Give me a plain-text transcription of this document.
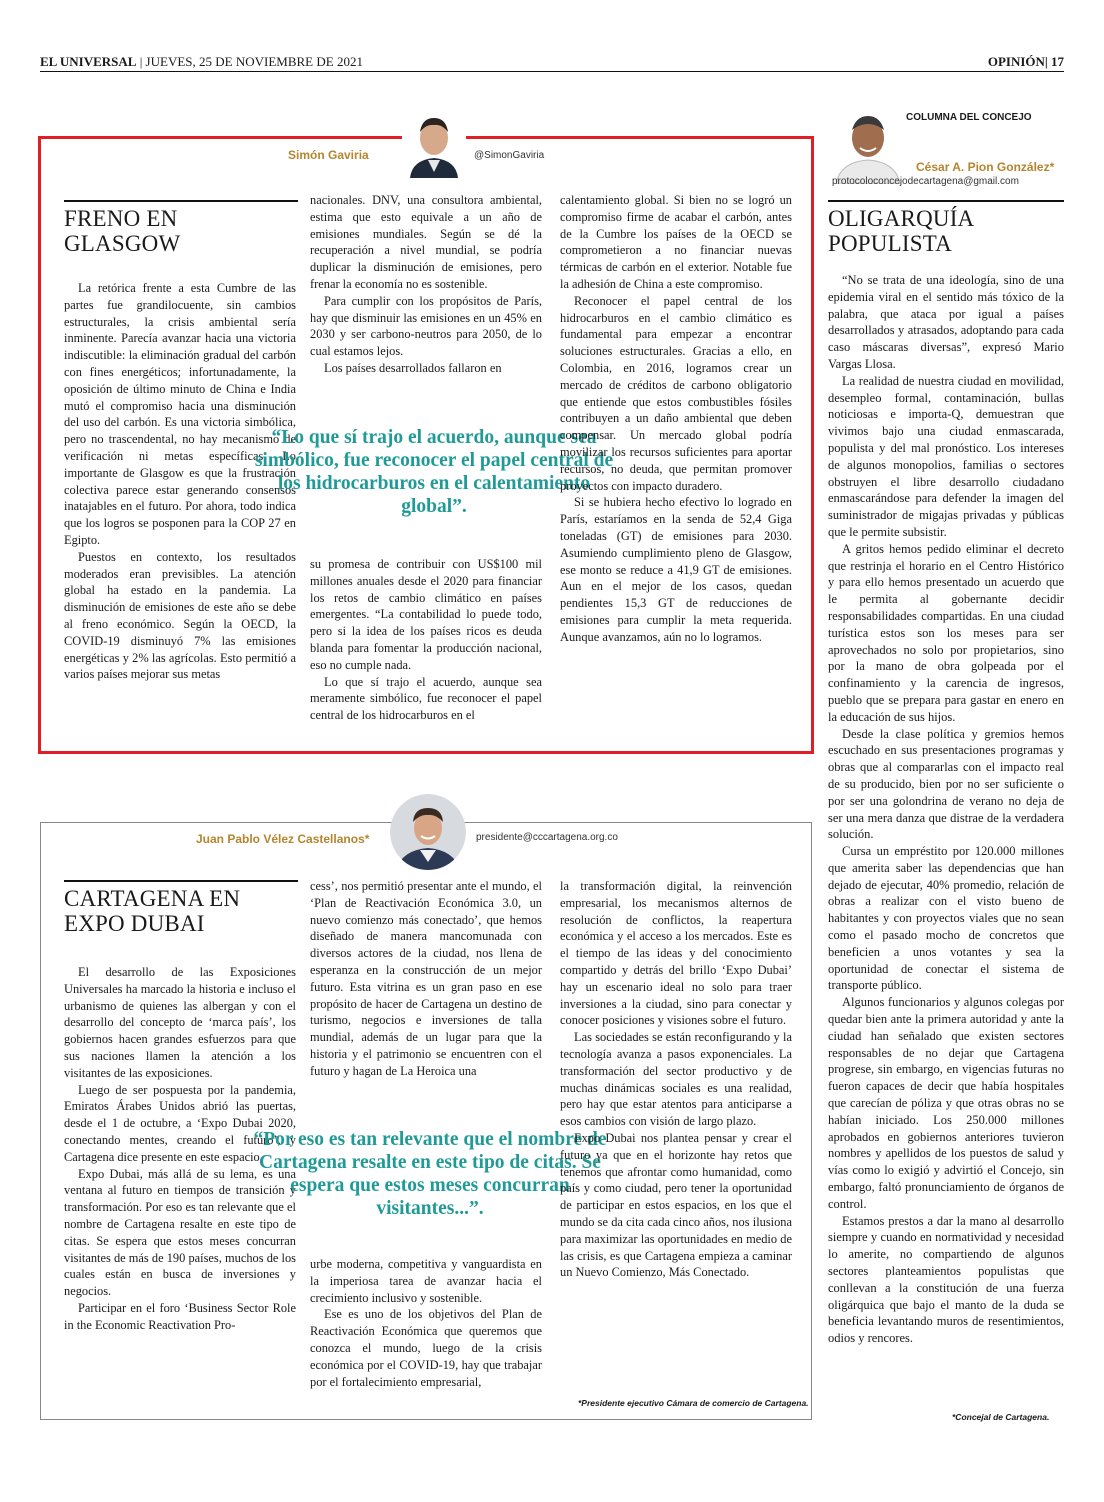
EL UNIVERSAL | JUEVES, 25 DE NOVIEMBRE DE 2021	OPINIÓN| 17
Simón Gaviria	@SimonGaviria
FRENO EN GLASGOW

La retórica frente a esta Cumbre de las partes fue grandilocuente, sin cambios estructurales, la crisis ambiental sería inminente. Parecía avanzar hacia una victoria indiscutible: la eliminación gradual del carbón con fines energéticos; infortunadamente, la oposición de último minuto de China e India mutó el compromiso hacia una disminución del uso del carbón. Es una victoria simbólica, pero no trascendental, no hay mecanismo de verificación ni metas específicas. Lo importante de Glasgow es que la frustración colectiva parece estar generando consensos inatajables en el futuro. Por ahora, todo indica que los logros se posponen para la COP 27 en Egipto.

Puestos en contexto, los resultados moderados eran previsibles. La atención global ha estado en la pandemia. La disminución de emisiones de este año se debe al freno económico. Según la OECD, la COVID-19 disminuyó 7% las emisiones energéticas y 2% las agrícolas. Esto permitió a varios países mejorar sus metas

nacionales. DNV, una consultora ambiental, estima que esto equivale a un año de emisiones mundiales. Según se dé la recuperación a nivel mundial, se podría duplicar la disminución de emisiones, pero frenar la economía no es sostenible.

Para cumplir con los propósitos de París, hay que disminuir las emisiones en un 45% en 2030 y ser carbono-neutros para 2050, de lo cual estamos lejos.

Los países desarrollados fallaron en

“Lo que sí trajo el acuerdo, aunque sea simbólico, fue reconocer el papel central de los hidrocarburos en el calentamiento global”.

su promesa de contribuir con US$100 mil millones anuales desde el 2020 para financiar los retos de cambio climático en países emergentes. “La contabilidad lo puede todo, pero si la idea de los países ricos es deuda blanda para fomentar la producción nacional, eso no cumple nada.

Lo que sí trajo el acuerdo, aunque sea meramente simbólico, fue reconocer el papel central de los hidrocarburos en el

calentamiento global. Si bien no se logró un compromiso firme de acabar el carbón, antes de la Cumbre los países de la OECD se comprometieron a no financiar nuevas térmicas de carbón en el exterior. Notable fue la adhesión de China a este compromiso.

Reconocer el papel central de los hidrocarburos en el cambio climático es fundamental para empezar a encontrar soluciones estructurales. Gracias a ello, en Colombia, en 2016, logramos crear un mercado de créditos de carbono obligatorio que entiende que estos combustibles fósiles contribuyen a un daño ambiental que deben compensar. Un mercado global podría movilizar los recursos suficientes para aportar recursos, no deuda, que permitan promover proyectos con impacto duradero.

Si se hubiera hecho efectivo lo logrado en París, estaríamos en la senda de 52,4 Giga toneladas (GT) de emisiones para 2030. Asumiendo cumplimiento pleno de Glasgow, ese monto se reduce a 41,9 GT de emisiones. Aun en el mejor de los casos, quedan pendientes 15,3 GT de reducciones de emisiones para cumplir la meta requerida. Aunque avanzamos, aún no lo logramos.

Juan Pablo Vélez Castellanos*	presidente@cccartagena.org.co
CARTAGENA EN EXPO DUBAI

El desarrollo de las Exposiciones Universales ha marcado la historia e incluso el urbanismo de quienes las albergan y con el desarrollo del concepto de ‘marca país’, los gobiernos hacen grandes esfuerzos para que sus naciones llamen la atención a los visitantes de las exposiciones.

Luego de ser pospuesta por la pandemia, Emiratos Árabes Unidos abrió las puertas, desde el 1 de octubre, a ‘Expo Dubai 2020, conectando mentes, creando el futuro’, y Cartagena dice presente en este espacio.

Expo Dubai, más allá de su lema, es una ventana al futuro en tiempos de transición y transformación. Por eso es tan relevante que el nombre de Cartagena resalte en este tipo de citas. Se espera que estos meses concurran visitantes de más de 190 países, muchos de los cuales están en busca de inversiones y negocios.

Participar en el foro ‘Business Sector Role in the Economic Reactivation Pro-

cess’, nos permitió presentar ante el mundo, el ‘Plan de Reactivación Económica 3.0, un nuevo comienzo más conectado’, que hemos diseñado de manera mancomunada con diversos actores de la ciudad, nos llena de esperanza en la construcción de un mejor futuro. Esta vitrina es un gran paso en ese propósito de hacer de Cartagena un destino de turismo, negocios e inversiones de talla mundial, además de un lugar para que la historia y el patrimonio se encuentren con el futuro y hagan de La Heroica una

“Por eso es tan relevante que el nombre de Cartagena resalte en este tipo de citas. Se espera que estos meses concurran visitantes...”.

urbe moderna, competitiva y vanguardista en la imperiosa tarea de avanzar hacia el crecimiento inclusivo y sostenible.

Ese es uno de los objetivos del Plan de Reactivación Económica que queremos que conozca el mundo, luego de la crisis económica por el COVID-19, hay que trabajar por el fortalecimiento empresarial,

la transformación digital, la reinvención empresarial, los mecanismos alternos de resolución de conflictos, la reapertura económica y el acceso a los mercados. Este es el tiempo de las ideas y del conocimiento compartido y detrás del brillo ‘Expo Dubai’ hay un escenario ideal no solo para traer inversiones a la ciudad, sino para conectar y conocer posiciones y visiones sobre el futuro.

Las sociedades se están reconfigurando y la tecnología avanza a pasos exponenciales. La transformación del sector productivo y de muchas dinámicas sociales es una realidad, pero hay que estar atentos para anticiparse a esos cambios con visión de largo plazo.

Expo Dubai nos plantea pensar y crear el futuro ya que en el horizonte hay retos que tenemos que afrontar como humanidad, como país y como ciudad, pero tener la oportunidad de participar en estos espacios, en los que el mundo se da cita cada cinco años, nos ilusiona para maximizar las oportunidades en medio de las crisis, es que Cartagena empieza a caminar un Nuevo Comienzo, Más Conectado.

*Presidente ejecutivo Cámara de comercio de Cartagena.
COLUMNA DEL CONCEJO
César A. Pion González*
protocoloconcejodecartagena@gmail.com
OLIGARQUÍA POPULISTA

“No se trata de una ideología, sino de una epidemia viral en el sentido más tóxico de la palabra, que ataca por igual a países desarrollados y atrasados, adoptando para cada caso máscaras diversas”, expresó Mario Vargas Llosa.

La realidad de nuestra ciudad en movilidad, desempleo formal, contaminación, bullas noticiosas e importa-Q, demuestran que vivimos bajo una ciudad enmascarada, populista y del mal pronóstico. Los intereses de algunos monopolios, familias o sectores obstruyen el libre desarrollo ciudadano enmascarándose para defender la imagen del suministrador de migajas privadas y públicas que le permite subsistir.

A gritos hemos pedido eliminar el decreto que restrinja el horario en el Centro Histórico y para ello hemos presentado un acuerdo que le permita al gobernante decidir responsabilidades compartidas. En una ciudad turística estos son los meses para ser aprovechados no solo por propietarios, sino por la mano de obra golpeada por el confinamiento y la carencia de ingresos, pueblo que se prepara para gastar en enero en la educación de sus hijos.

Desde la clase política y gremios hemos escuchado en sus presentaciones programas y obras que al compararlas con el impacto real de su producido, bien por no ser suficiente o por ser una golondrina de verano no deja de ser una mera danza que distrae de la verdadera solución.

Cursa un empréstito por 120.000 millones que amerita saber las dependencias que han dejado de ejecutar, 40% promedio, relación de obras a realizar con el visto bueno de habitantes y con proyectos viales que no sean como el pasado mocho de concretos que beneficien a unos votantes y sea la oportunidad de conectar el sistema de transporte público.

Algunos funcionarios y algunos colegas por quedar bien ante la primera autoridad y ante la ciudad han señalado que existen sectores responsables de no dejar que Cartagena progrese, sin embargo, en vigencias futuras no fueron capaces de decir que había hospitales que carecían de póliza y que otras obras no se habían iniciado. Los 250.000 millones aprobados en gobiernos anteriores tuvieron nombres y apellidos de los puestos de salud y vías como lo exigió y advirtió el Concejo, sin embargo, faltó pronunciamiento de órganos de control.

Estamos prestos a dar la mano al desarrollo siempre y cuando en normatividad y necesidad lo amerite, no compartiendo de algunos sectores planteamientos populistas que conllevan a la constitución de una fuerza oligárquica que bajo el manto de la duda se beneficia levantando muros de resentimientos, odios y rencores.

*Concejal de Cartagena.
